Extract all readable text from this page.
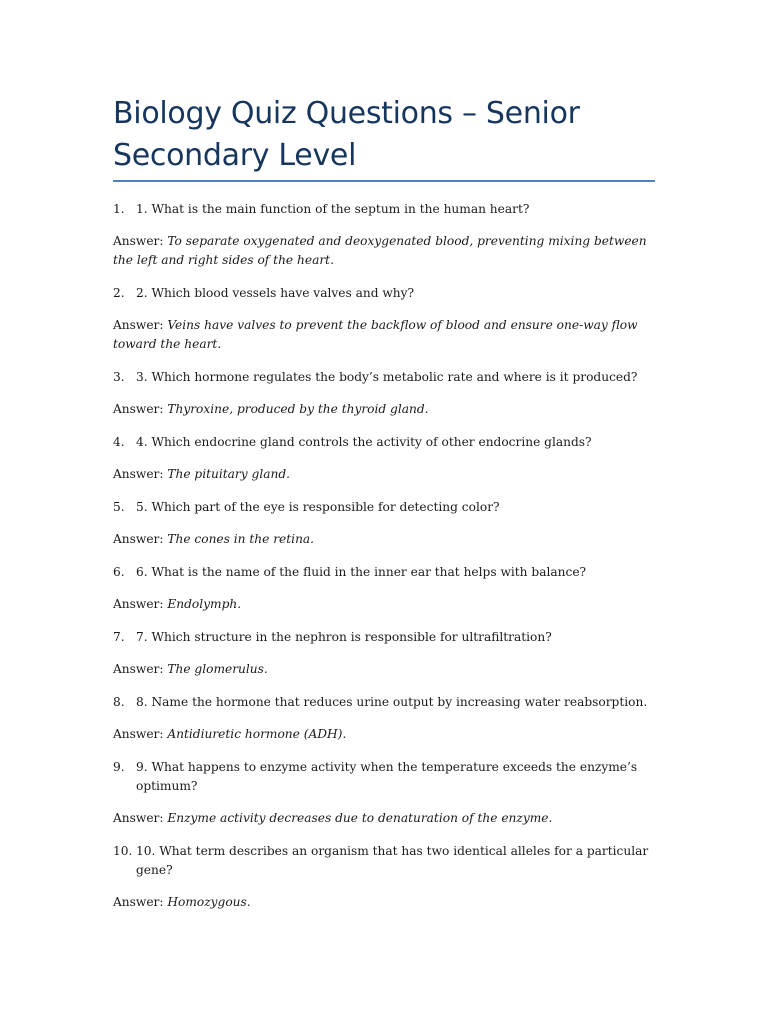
Biology Quiz Questions – Senior Secondary Level

1. 1. What is the main function of the septum in the human heart?

Answer: To separate oxygenated and deoxygenated blood, preventing mixing between the left and right sides of the heart.

2. 2. Which blood vessels have valves and why?

Answer: Veins have valves to prevent the backflow of blood and ensure one-way flow toward the heart.

3. 3. Which hormone regulates the body’s metabolic rate and where is it produced?

Answer: Thyroxine, produced by the thyroid gland.

4. 4. Which endocrine gland controls the activity of other endocrine glands?

Answer: The pituitary gland.

5. 5. Which part of the eye is responsible for detecting color?

Answer: The cones in the retina.

6. 6. What is the name of the fluid in the inner ear that helps with balance?

Answer: Endolymph.

7. 7. Which structure in the nephron is responsible for ultrafiltration?

Answer: The glomerulus.

8. 8. Name the hormone that reduces urine output by increasing water reabsorption.

Answer: Antidiuretic hormone (ADH).

9. 9. What happens to enzyme activity when the temperature exceeds the enzyme’s optimum?

Answer: Enzyme activity decreases due to denaturation of the enzyme.

10. 10. What term describes an organism that has two identical alleles for a particular gene?

Answer: Homozygous.
